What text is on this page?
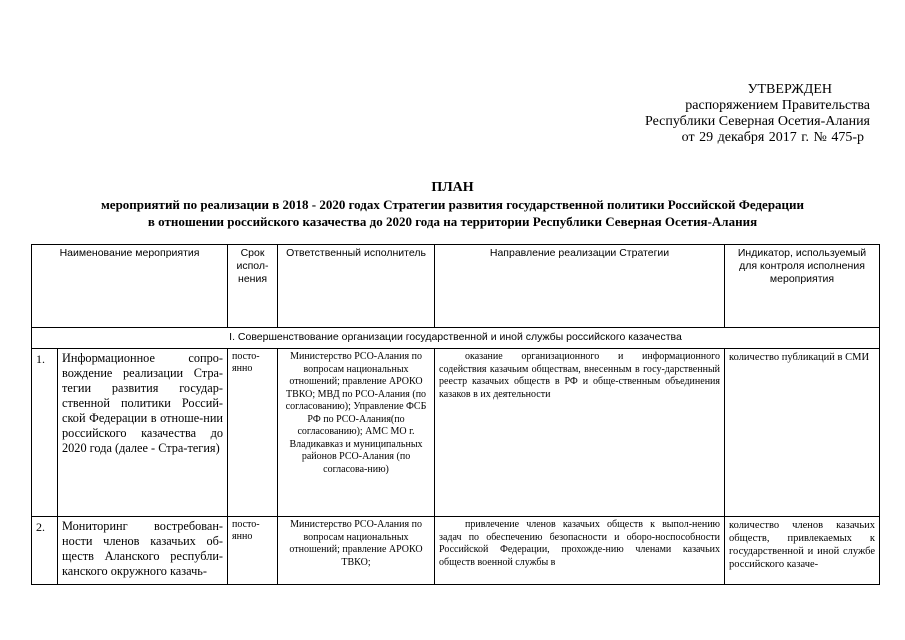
УТВЕРЖДЕН
распоряжением Правительства
Республики Северная Осетия-Алания
от 29 декабря 2017 г. № 475-р
ПЛАН
мероприятий по реализации в 2018 - 2020 годах Стратегии развития государственной политики Российской Федерации
в отношении российского казачества до 2020 года на территории Республики Северная Осетия-Алания
Наименование мероприятия		Срок испол-нения	Ответственный исполнитель	Направление реализации Стратегии	Индикатор, используемый для контроля исполнения мероприятия
I. Совершенствование организации государственной и иной службы российского казачества					
1.	Информационное сопро-вождение реализации Стра-тегии развития государ-ственной политики Россий-ской Федерации в отноше-нии российского казачества до 2020 года (далее - Стра-тегия)	посто-янно	Министерство РСО-Алания по вопросам национальных отношений; правление АРОКО ТВКО; МВД по РСО-Алания (по согласованию); Управление ФСБ РФ по РСО-Алания(по согласованию); АМС МО г. Владикавказ и муниципальных районов РСО-Алания (по согласова-нию)	оказание организационного и информационного содействия казачьим обществам, внесенным в госу-дарственный реестр казачьих обществ в РФ и обще-ственным объединения казаков в их деятельности	количество публикаций в СМИ
2.	Мониторинг востребован-ности членов казачьих об-ществ Аланского республи-канского окружного казачь-	посто-янно	Министерство РСО-Алания по вопросам национальных отношений; правление АРОКО ТВКО;	привлечение членов казачьих обществ к выпол-нению задач по обеспечению безопасности и оборо-носпособности Российской Федерации, прохожде-нию членами казачьих обществ военной службы в	количество членов казачьих обществ, привлекаемых к государственной и иной службе российского казаче-
